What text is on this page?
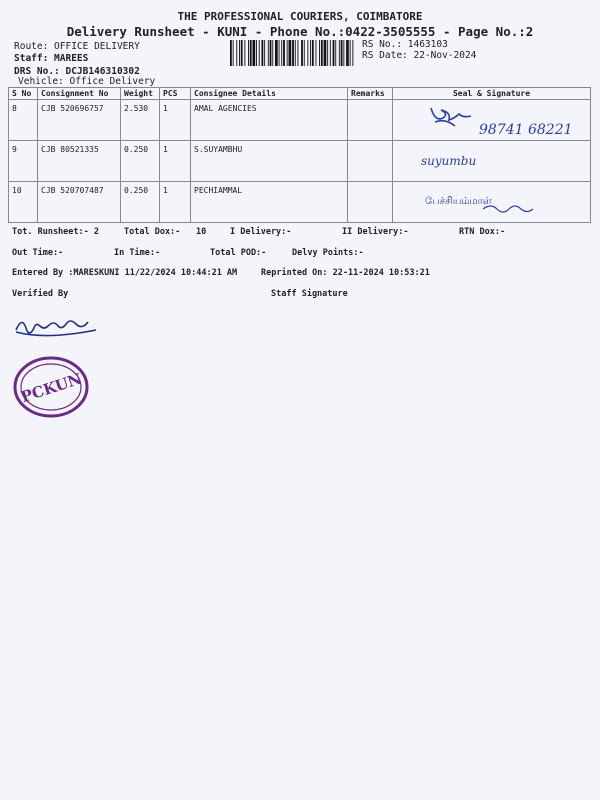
THE PROFESSIONAL COURIERS, COIMBATORE
Delivery Runsheet - KUNI - Phone No.:0422-3505555 - Page No.:2
Route: OFFICE DELIVERY
Staff: MAREES
DRS No.: DCJB146310302
Vehicle: Office Delivery
RS No.: 1463103
RS Date: 22-Nov-2024
S No	Consignment No	Weight	PCS	Consignee Details	Remarks	Seal & Signature
8	CJB 520696757	2.530	1	AMAL AGENCIES		98741 68221

9	CJB 80521335	0.250	1	S.SUYAMBHU		suyumbu

10	CJB 520707487	0.250	1	PECHIAMMAL		பேச்சியம்மாள்
Tot. Runsheet:- 2	Total Dox:- 10	I Delivery:-	II Delivery:-	RTN Dox:-
Out Time:-	In Time:-	Total POD:-	Delvy Points:-
Entered By :MARESKUNI 11/22/2024 10:44:21 AM	Reprinted On: 22-11-2024 10:53:21
Verified By	Staff Signature
PCKUN
